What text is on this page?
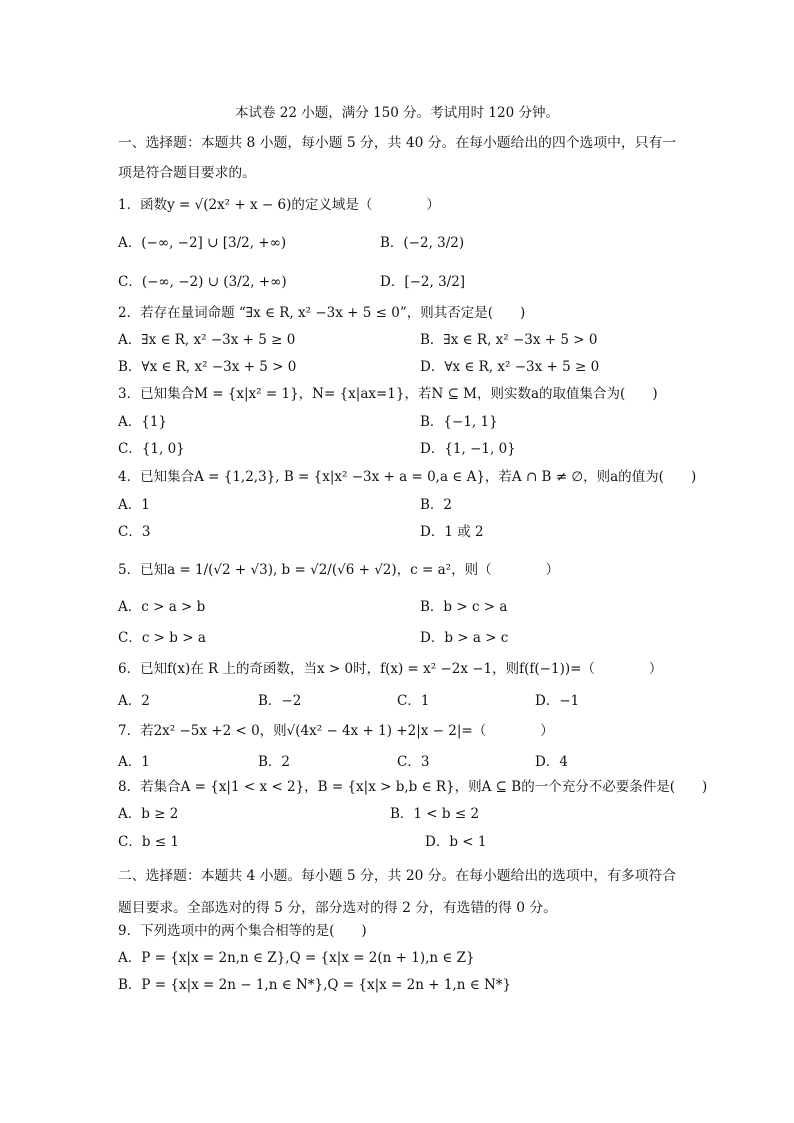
本试卷 22 小题，满分 150 分。考试用时 120 分钟。
一、选择题：本题共 8 小题，每小题 5 分，共 40 分。在每小题给出的四个选项中，只有一
项是符合题目要求的。
1．函数y = √(2x² + x − 6)的定义域是（　　　　）
A．(−∞, −2] ∪ [3/2, +∞)	B．(−2, 3/2)
C．(−∞, −2) ∪ (3/2, +∞)	D．[−2, 3/2]
2．若存在量词命题 “∃x ∈ R, x² −3x + 5 ≤ 0”，则其否定是(　　)
A．∃x ∈ R, x² −3x + 5 ≥ 0	B．∃x ∈ R, x² −3x + 5 > 0
B．∀x ∈ R, x² −3x + 5 > 0	D．∀x ∈ R, x² −3x + 5 ≥ 0
3．已知集合M = {x|x² = 1}，N= {x|ax=1}，若N ⊆ M，则实数a的取值集合为(　　)
A．{1}	B．{−1, 1}
C．{1, 0}	D．{1, −1, 0}
4．已知集合A = {1,2,3}, B = {x|x² −3x + a = 0,a ∈ A}，若A ∩ B ≠ ∅，则a的值为(　　)
A．1	B．2
C．3	D．1 或 2
5．已知a = 1/(√2 + √3), b = √2/(√6 + √2)，c = a²，则（　　　　）
A．c > a > b	B．b > c > a
C．c > b > a	D．b > a > c
6．已知f(x)在 R 上的奇函数，当x > 0时，f(x) = x² −2x −1，则f(f(−1))=（　　　　）
A．2	B．−2	C．1	D．−1
7．若2x² −5x +2 < 0，则√(4x² − 4x + 1) +2|x − 2|=（　　　　）
A．1	B．2	C．3	D．4
8．若集合A = {x|1 < x < 2}，B = {x|x > b,b ∈ R}，则A ⊆ B的一个充分不必要条件是(　　)
A．b ≥ 2	B．1 < b ≤ 2
C．b ≤ 1	D．b < 1
二、选择题：本题共 4 小题。每小题 5 分，共 20 分。在每小题给出的选项中，有多项符合
题目要求。全部选对的得 5 分，部分选对的得 2 分，有选错的得 0 分。
9．下列选项中的两个集合相等的是(　　)
A．P = {x|x = 2n,n ∈ Z},Q = {x|x = 2(n + 1),n ∈ Z}
B．P = {x|x = 2n − 1,n ∈ N*},Q = {x|x = 2n + 1,n ∈ N*}
